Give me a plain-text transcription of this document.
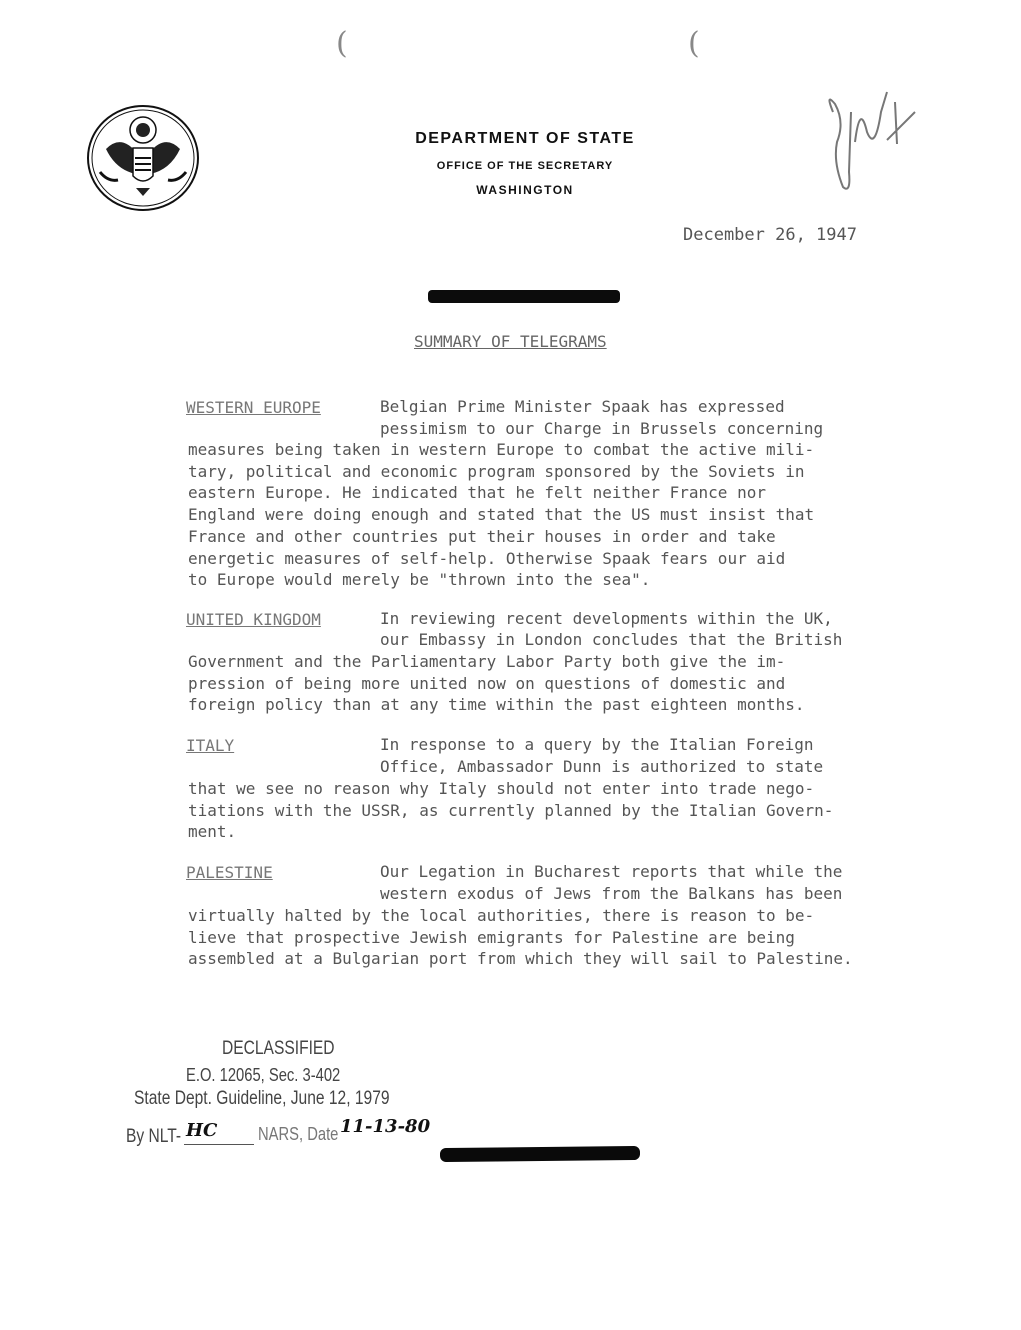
(	(
DEPARTMENT OF STATE
OFFICE OF THE SECRETARY
WASHINGTON
December 26, 1947
SUMMARY OF TELEGRAMS
WESTERN EUROPE	Belgian Prime Minister Spaak has expressed
pessimism to our Charge in Brussels concerning
measures being taken in western Europe to combat the active mili-
tary, political and economic program sponsored by the Soviets in
eastern Europe. He indicated that he felt neither France nor
England were doing enough and stated that the US must insist that
France and other countries put their houses in order and take
energetic measures of self-help. Otherwise Spaak fears our aid
to Europe would merely be "thrown into the sea".
UNITED KINGDOM	In reviewing recent developments within the UK,
our Embassy in London concludes that the British
Government and the Parliamentary Labor Party both give the im-
pression of being more united now on questions of domestic and
foreign policy than at any time within the past eighteen months.
ITALY	In response to a query by the Italian Foreign
Office, Ambassador Dunn is authorized to state
that we see no reason why Italy should not enter into trade nego-
tiations with the USSR, as currently planned by the Italian Govern-
ment.
PALESTINE	Our Legation in Bucharest reports that while the
western exodus of Jews from the Balkans has been
virtually halted by the local authorities, there is reason to be-
lieve that prospective Jewish emigrants for Palestine are being
assembled at a Bulgarian port from which they will sail to Palestine.
DECLASSIFIED
E.O. 12065, Sec. 3-402
State Dept. Guideline, June 12, 1979
By NLT- HC NARS, Date 11-13-80
